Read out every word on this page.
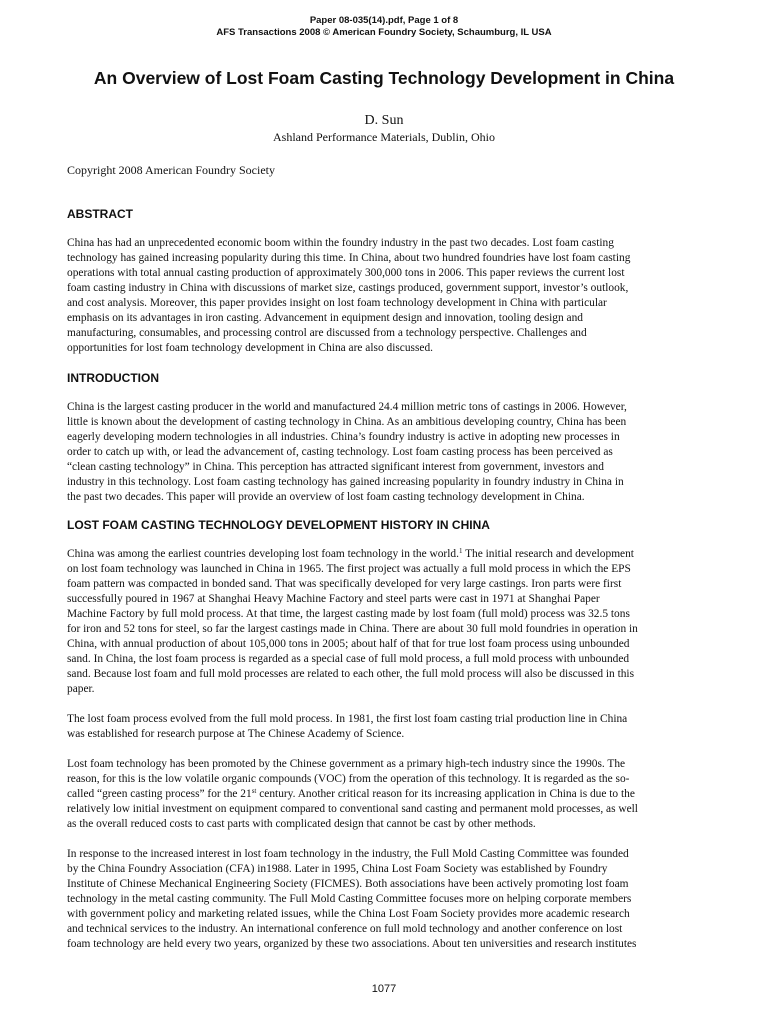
Paper 08-035(14).pdf, Page 1 of 8
AFS Transactions 2008 © American Foundry Society, Schaumburg, IL USA
An Overview of Lost Foam Casting Technology Development in China
D. Sun
Ashland Performance Materials, Dublin, Ohio
Copyright 2008 American Foundry Society
ABSTRACT
China has had an unprecedented economic boom within the foundry industry in the past two decades. Lost foam casting
technology has gained increasing popularity during this time. In China, about two hundred foundries have lost foam casting
operations with total annual casting production of approximately 300,000 tons in 2006. This paper reviews the current lost
foam casting industry in China with discussions of market size, castings produced, government support, investor’s outlook,
and cost analysis. Moreover, this paper provides insight on lost foam technology development in China with particular
emphasis on its advantages in iron casting. Advancement in equipment design and innovation, tooling design and
manufacturing, consumables, and processing control are discussed from a technology perspective. Challenges and
opportunities for lost foam technology development in China are also discussed.
INTRODUCTION
China is the largest casting producer in the world and manufactured 24.4 million metric tons of castings in 2006. However,
little is known about the development of casting technology in China. As an ambitious developing country, China has been
eagerly developing modern technologies in all industries. China’s foundry industry is active in adopting new processes in
order to catch up with, or lead the advancement of, casting technology. Lost foam casting process has been perceived as
“clean casting technology” in China. This perception has attracted significant interest from government, investors and
industry in this technology. Lost foam casting technology has gained increasing popularity in foundry industry in China in
the past two decades. This paper will provide an overview of lost foam casting technology development in China.
LOST FOAM CASTING TECHNOLOGY DEVELOPMENT HISTORY IN CHINA
China was among the earliest countries developing lost foam technology in the world.$^1$ The initial research and development
on lost foam technology was launched in China in 1965. The first project was actually a full mold process in which the EPS
foam pattern was compacted in bonded sand. That was specifically developed for very large castings. Iron parts were first
successfully poured in 1967 at Shanghai Heavy Machine Factory and steel parts were cast in 1971 at Shanghai Paper
Machine Factory by full mold process. At that time, the largest casting made by lost foam (full mold) process was 32.5 tons
for iron and 52 tons for steel, so far the largest castings made in China. There are about 30 full mold foundries in operation in
China, with annual production of about 105,000 tons in 2005; about half of that for true lost foam process using unbounded
sand. In China, the lost foam process is regarded as a special case of full mold process, a full mold process with unbounded
sand. Because lost foam and full mold processes are related to each other, the full mold process will also be discussed in this
paper.
The lost foam process evolved from the full mold process. In 1981, the first lost foam casting trial production line in China
was established for research purpose at The Chinese Academy of Science.
Lost foam technology has been promoted by the Chinese government as a primary high-tech industry since the 1990s. The
reason, for this is the low volatile organic compounds (VOC) from the operation of this technology. It is regarded as the so-
called “green casting process” for the 21st century. Another critical reason for its increasing application in China is due to the
relatively low initial investment on equipment compared to conventional sand casting and permanent mold processes, as well
as the overall reduced costs to cast parts with complicated design that cannot be cast by other methods.
In response to the increased interest in lost foam technology in the industry, the Full Mold Casting Committee was founded
by the China Foundry Association (CFA) in1988. Later in 1995, China Lost Foam Society was established by Foundry
Institute of Chinese Mechanical Engineering Society (FICMES). Both associations have been actively promoting lost foam
technology in the metal casting community. The Full Mold Casting Committee focuses more on helping corporate members
with government policy and marketing related issues, while the China Lost Foam Society provides more academic research
and technical services to the industry. An international conference on full mold technology and another conference on lost
foam technology are held every two years, organized by these two associations. About ten universities and research institutes
1077
